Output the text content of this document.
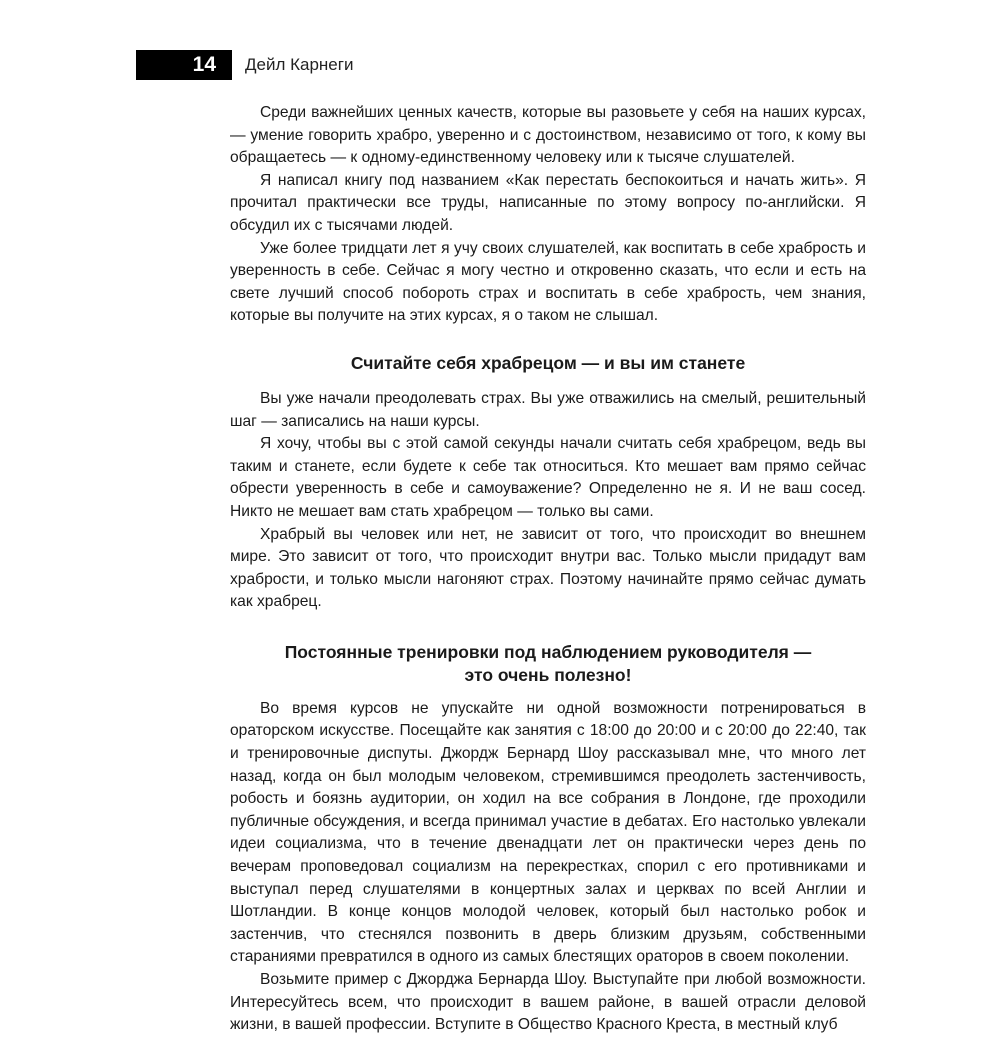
14	Дейл Карнеги

Среди важнейших ценных качеств, которые вы разовьете у себя на наших курсах, — умение говорить храбро, уверенно и с достоинством, независимо от того, к кому вы обращаетесь — к одному-единственному человеку или к тысяче слушателей.

Я написал книгу под названием «Как перестать беспокоиться и начать жить». Я прочитал практически все труды, написанные по этому вопросу по-английски. Я обсудил их с тысячами людей.

Уже более тридцати лет я учу своих слушателей, как воспитать в себе храбрость и уверенность в себе. Сейчас я могу честно и откровенно сказать, что если и есть на свете лучший способ побороть страх и воспитать в себе храбрость, чем знания, которые вы получите на этих курсах, я о таком не слышал.

Считайте себя храбрецом — и вы им станете

Вы уже начали преодолевать страх. Вы уже отважились на смелый, решительный шаг — записались на наши курсы.

Я хочу, чтобы вы с этой самой секунды начали считать себя храбрецом, ведь вы таким и станете, если будете к себе так относиться. Кто мешает вам прямо сейчас обрести уверенность в себе и самоуважение? Определенно не я. И не ваш сосед. Никто не мешает вам стать храбрецом — только вы сами.

Храбрый вы человек или нет, не зависит от того, что происходит во внешнем мире. Это зависит от того, что происходит внутри вас. Только мысли придадут вам храбрости, и только мысли нагоняют страх. Поэтому начинайте прямо сейчас думать как храбрец.

Постоянные тренировки под наблюдением руководителя —
это очень полезно!

Во время курсов не упускайте ни одной возможности потренироваться в ораторском искусстве. Посещайте как занятия с 18:00 до 20:00 и с 20:00 до 22:40, так и тренировочные диспуты. Джордж Бернард Шоу рассказывал мне, что много лет назад, когда он был молодым человеком, стремившимся преодолеть застенчивость, робость и боязнь аудитории, он ходил на все собрания в Лондоне, где проходили публичные обсуждения, и всегда принимал участие в дебатах. Его настолько увлекали идеи социализма, что в течение двенадцати лет он практически через день по вечерам проповедовал социализм на перекрестках, спорил с его противниками и выступал перед слушателями в концертных залах и церквах по всей Англии и Шотландии. В конце концов молодой человек, который был настолько робок и застенчив, что стеснялся позвонить в дверь близким друзьям, собственными стараниями превратился в одного из самых блестящих ораторов в своем поколении.

Возьмите пример с Джорджа Бернарда Шоу. Выступайте при любой возможности. Интересуйтесь всем, что происходит в вашем районе, в вашей отрасли деловой жизни, в вашей профессии. Вступите в Общество Красного Креста, в местный клуб
